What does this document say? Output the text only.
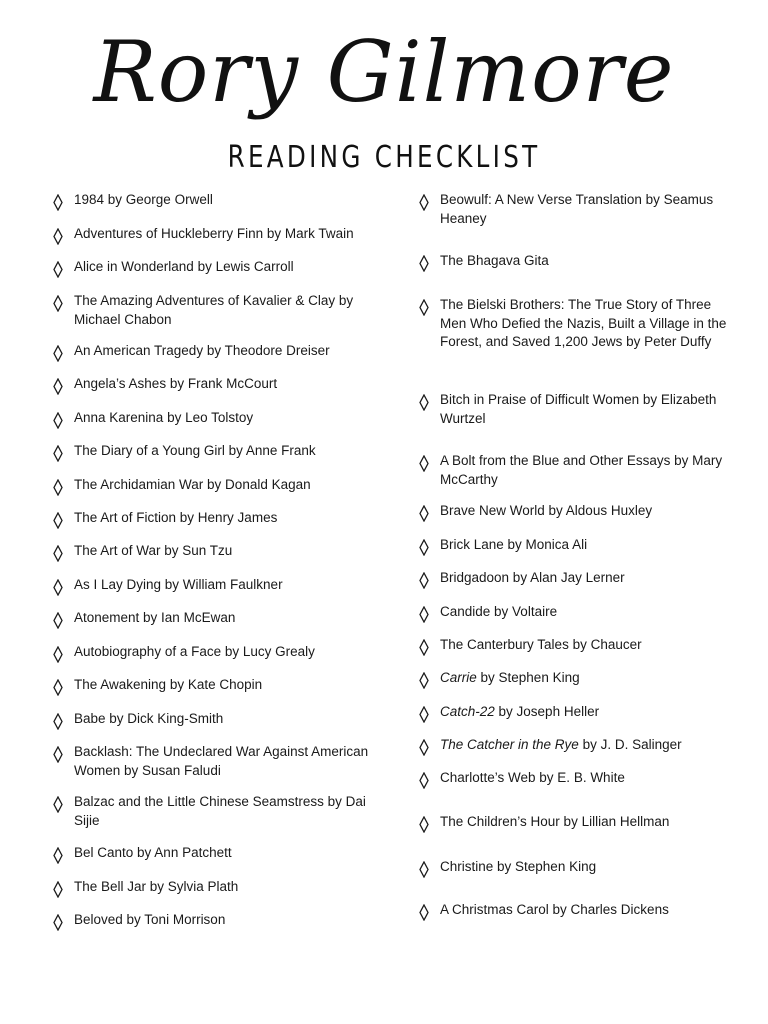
Rory Gilmore
READING CHECKLIST
1984 by George Orwell
Adventures of Huckleberry Finn by Mark Twain
Alice in Wonderland by Lewis Carroll
The Amazing Adventures of Kavalier & Clay by Michael Chabon
An American Tragedy by Theodore Dreiser
Angela’s Ashes by Frank McCourt
Anna Karenina by Leo Tolstoy
The Diary of a Young Girl by Anne Frank
The Archidamian War by Donald Kagan
The Art of Fiction by Henry James
The Art of War by Sun Tzu
As I Lay Dying by William Faulkner
Atonement by Ian McEwan
Autobiography of a Face by Lucy Grealy
The Awakening by Kate Chopin
Babe by Dick King-Smith
Backlash: The Undeclared War Against American Women by Susan Faludi
Balzac and the Little Chinese Seamstress by Dai Sijie
Bel Canto by Ann Patchett
The Bell Jar by Sylvia Plath
Beloved by Toni Morrison
Beowulf: A New Verse Translation by Seamus Heaney
The Bhagava Gita
The Bielski Brothers: The True Story of Three Men Who Defied the Nazis, Built a Village in the Forest, and Saved 1,200 Jews by Peter Duffy
Bitch in Praise of Difficult Women by Elizabeth Wurtzel
A Bolt from the Blue and Other Essays by Mary McCarthy
Brave New World by Aldous Huxley
Brick Lane by Monica Ali
Bridgadoon by Alan Jay Lerner
Candide by Voltaire
The Canterbury Tales by Chaucer
Carrie by Stephen King
Catch-22 by Joseph Heller
The Catcher in the Rye by J. D. Salinger
Charlotte’s Web by E. B. White
The Children’s Hour by Lillian Hellman
Christine by Stephen King
A Christmas Carol by Charles Dickens
